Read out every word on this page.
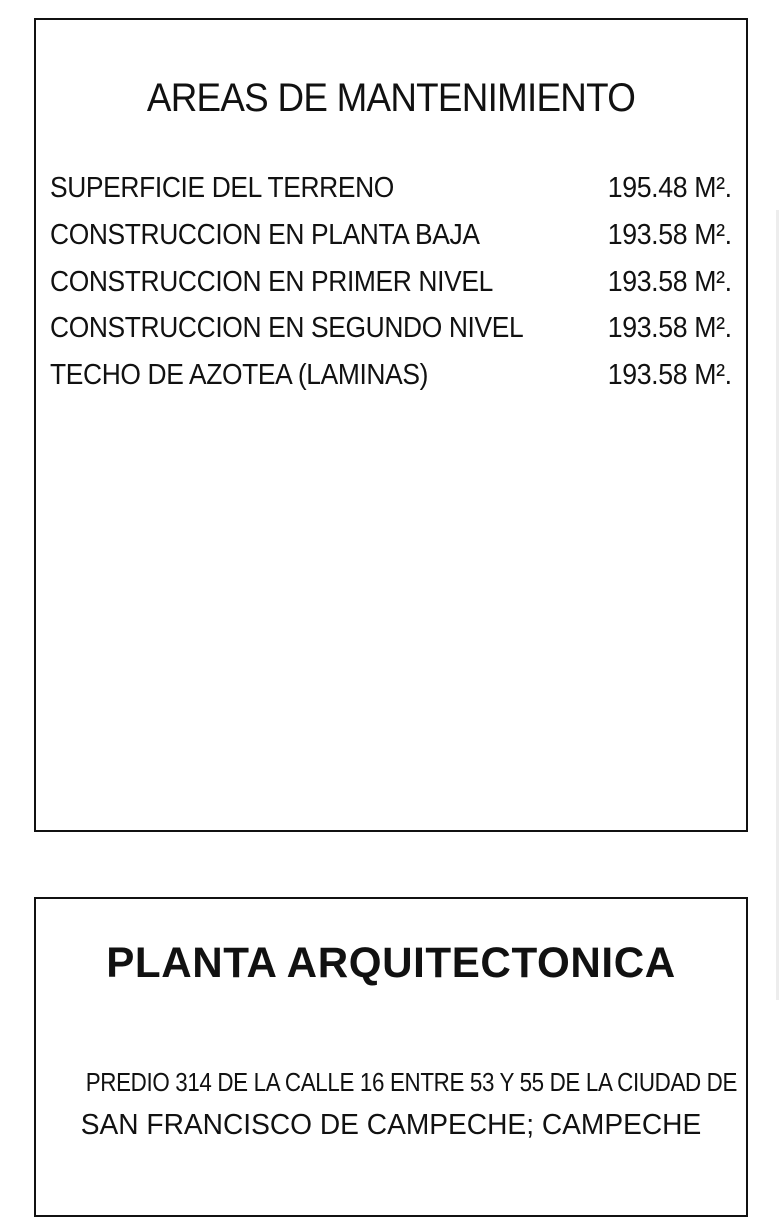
AREAS DE MANTENIMIENTO
SUPERFICIE DEL TERRENO	195.48 M².
CONSTRUCCION EN PLANTA BAJA	193.58 M².
CONSTRUCCION EN PRIMER NIVEL	193.58 M².
CONSTRUCCION EN SEGUNDO NIVEL	193.58 M².
TECHO DE AZOTEA (LAMINAS)	193.58 M².
PLANTA ARQUITECTONICA
PREDIO 314 DE LA CALLE 16 ENTRE 53 Y 55 DE LA CIUDAD DE
SAN FRANCISCO DE CAMPECHE; CAMPECHE
